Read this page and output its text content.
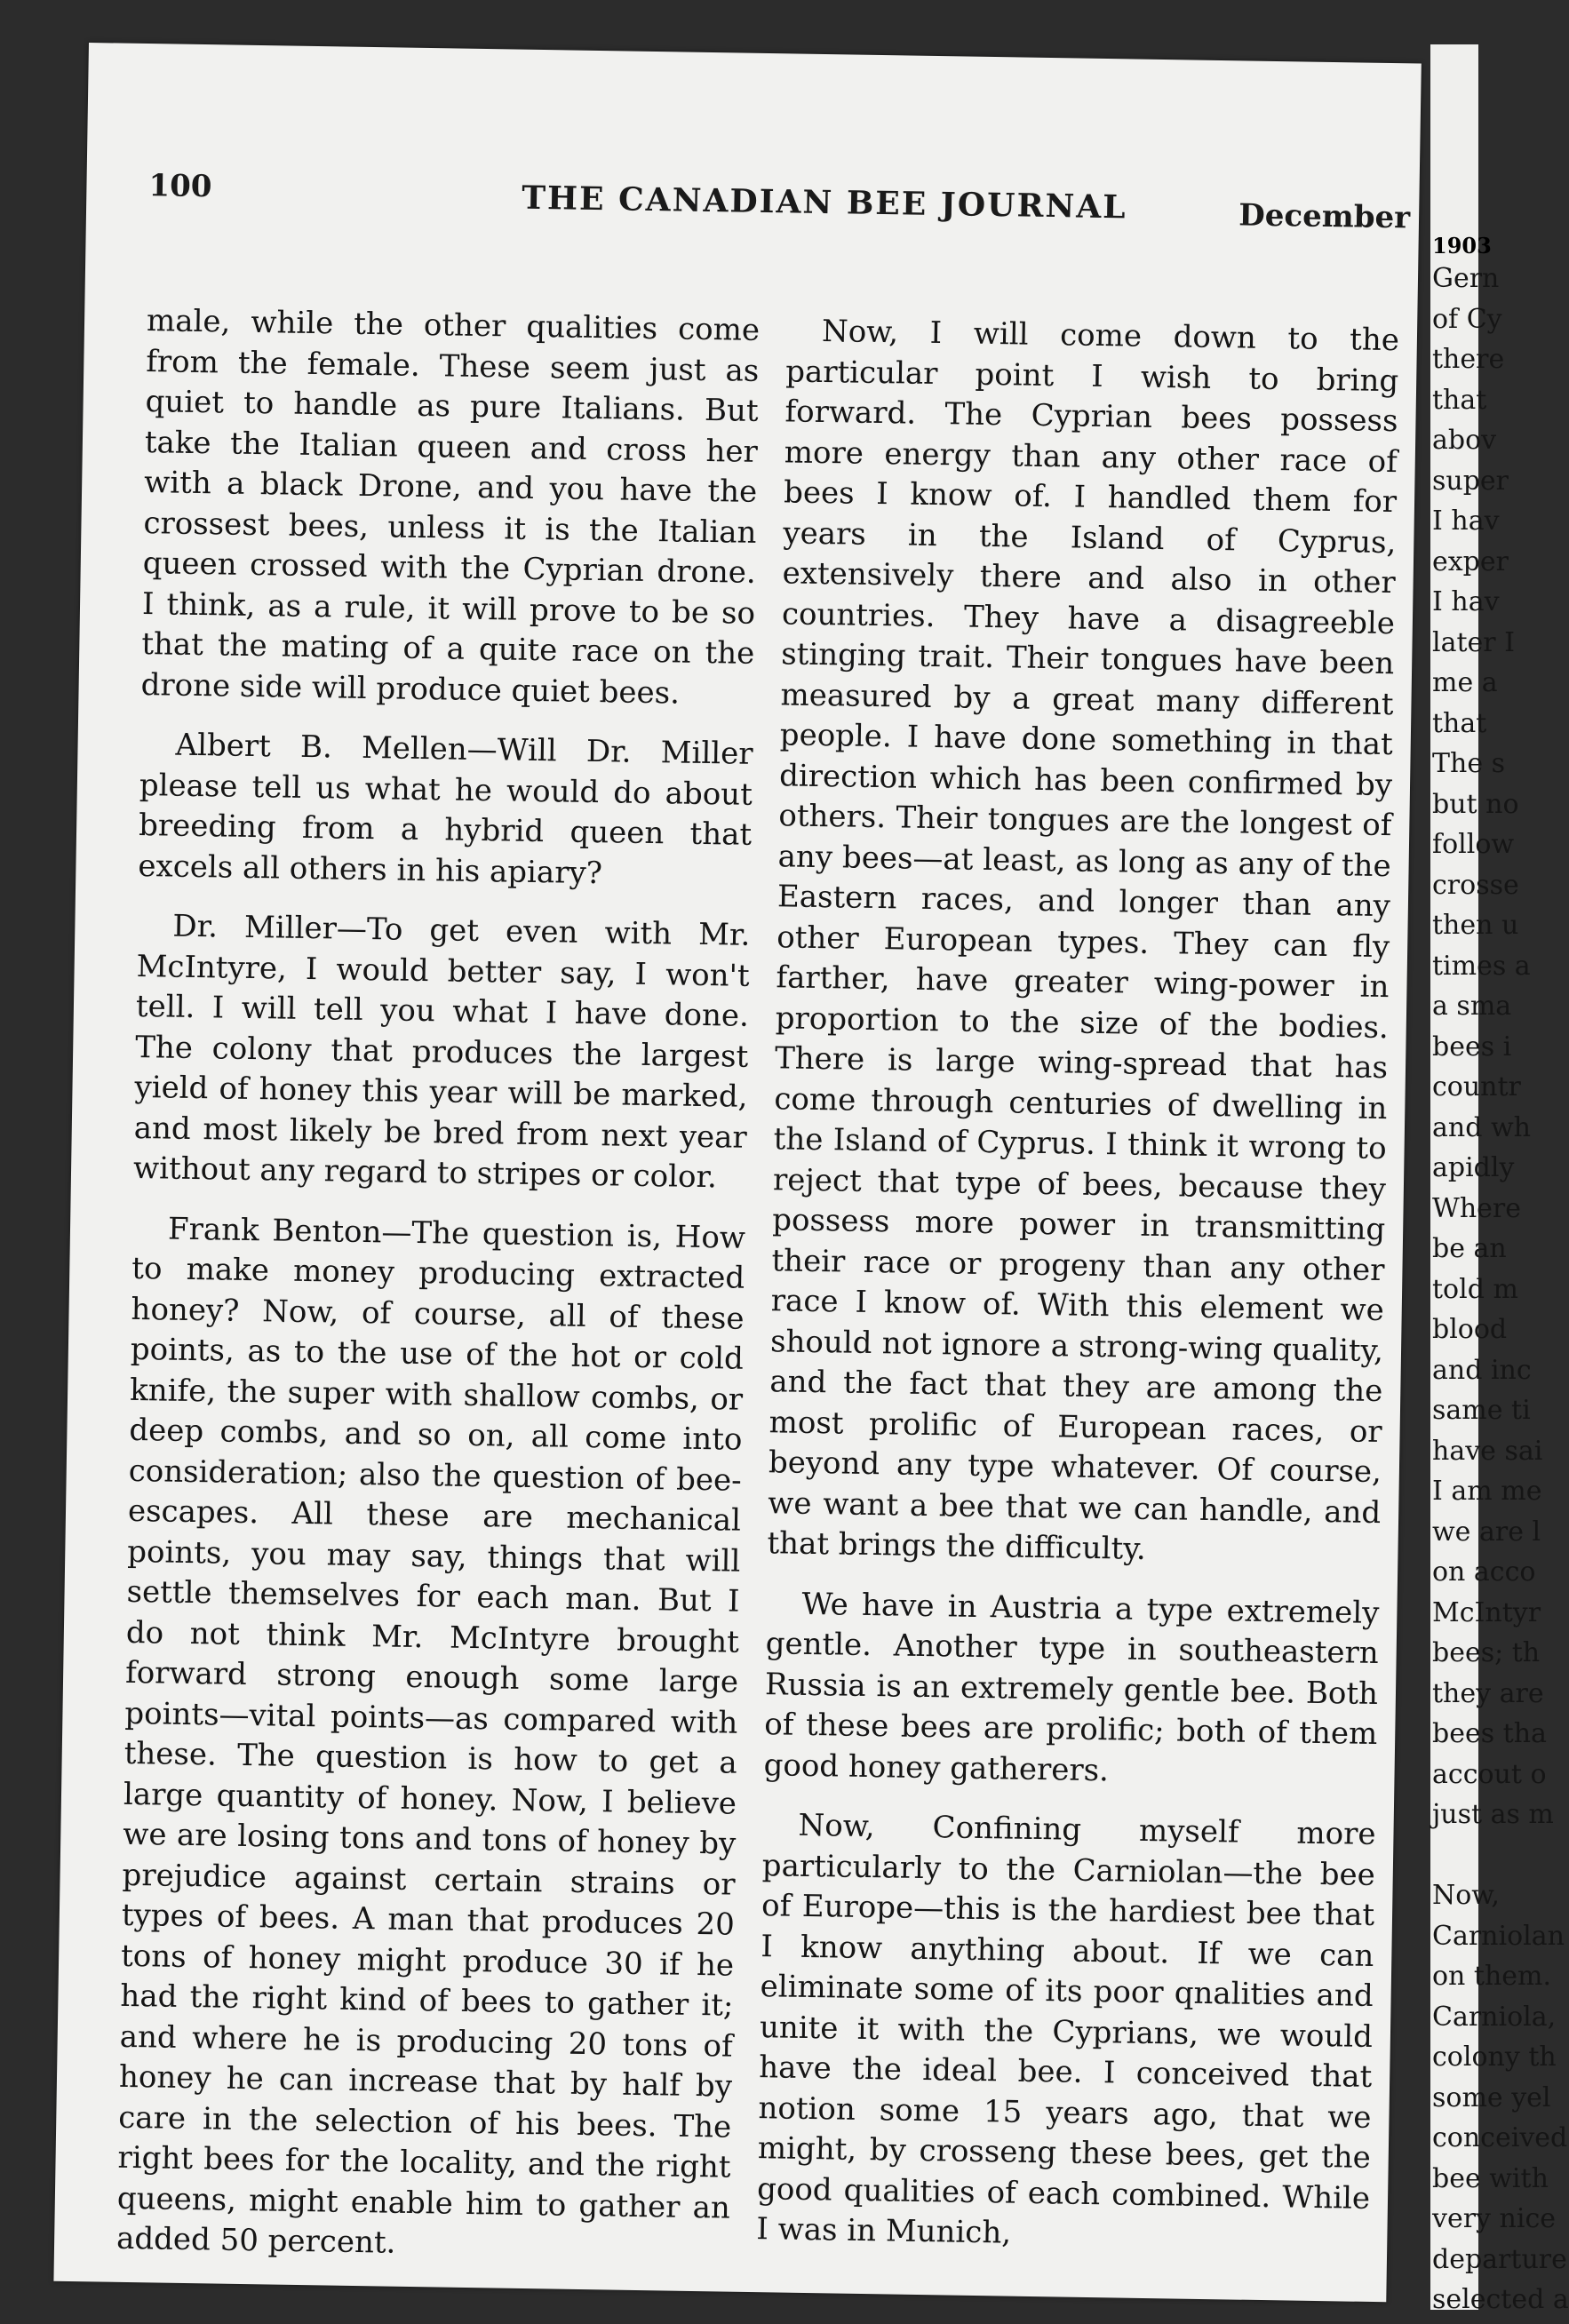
100	THE CANADIAN BEE JOURNAL	December

male, while the other qualities come from the female. These seem just as quiet to handle as pure Italians. But take the Italian queen and cross her with a black Drone, and you have the crossest bees, unless it is the Italian queen crossed with the Cyprian drone. I think, as a rule, it will prove to be so that the mating of a quite race on the drone side will produce quiet bees.

Albert B. Mellen—Will Dr. Miller please tell us what he would do about breeding from a hybrid queen that excels all others in his apiary?

Dr. Miller—To get even with Mr. McIntyre, I would better say, I won't tell. I will tell you what I have done. The colony that produces the largest yield of honey this year will be marked, and most likely be bred from next year without any regard to stripes or color.

Frank Benton—The question is, How to make money producing extracted honey? Now, of course, all of these points, as to the use of the hot or cold knife, the super with shallow combs, or deep combs, and so on, all come into consideration; also the question of bee-escapes. All these are mechanical points, you may say, things that will settle themselves for each man. But I do not think Mr. McIntyre brought forward strong enough some large points—vital points—as compared with these. The question is how to get a large quantity of honey. Now, I believe we are losing tons and tons of honey by prejudice against certain strains or types of bees. A man that produces 20 tons of honey might produce 30 if he had the right kind of bees to gather it; and where he is producing 20 tons of honey he can increase that by half by care in the selection of his bees. The right bees for the locality, and the right queens, might enable him to gather an added 50 percent.

Now, I will come down to the particular point I wish to bring forward. The Cyprian bees possess more energy than any other race of bees I know of. I handled them for years in the Island of Cyprus, extensively there and also in other countries. They have a disagreeble stinging trait. Their tongues have been measured by a great many different people. I have done something in that direction which has been confirmed by others. Their tongues are the longest of any bees—at least, as long as any of the Eastern races, and longer than any other European types. They can fly farther, have greater wing-power in proportion to the size of the bodies. There is large wing-spread that has come through centuries of dwelling in the Island of Cyprus. I think it wrong to reject that type of bees, because they possess more power in transmitting their race or progeny than any other race I know of. With this element we should not ignore a strong-wing quality, and the fact that they are among the most prolific of European races, or beyond any type whatever. Of course, we want a bee that we can handle, and that brings the difficulty.

We have in Austria a type extremely gentle. Another type in southeastern Russia is an extremely gentle bee. Both of these bees are prolific; both of them good honey gatherers.

Now, Confining myself more particularly to the Carniolan—the bee of Europe—this is the hardiest bee that I know anything about. If we can eliminate some of its poor qnalities and unite it with the Cyprians, we would have the ideal bee. I conceived that notion some 15 years ago, that we might, by crosseng these bees, get the good qualities of each combined. While I was in Munich,

1903
Gern
of Cy
there
that
abov
super
I hav
exper
I hav
later I
me a
that
The s
but no
follow
crosse
then u
times a
a sma
bees i
countr
and wh
apidly
Where
be an
told m
blood
and inc
same ti
have sai
I am me
we are l
on acco
McIntyr
bees; th
they are
bees tha
accout o
just as m

Now,
Carniolan
on them.
Carniola,
colony th
some yel
conceived
bee with
very nice
departure
selected a
